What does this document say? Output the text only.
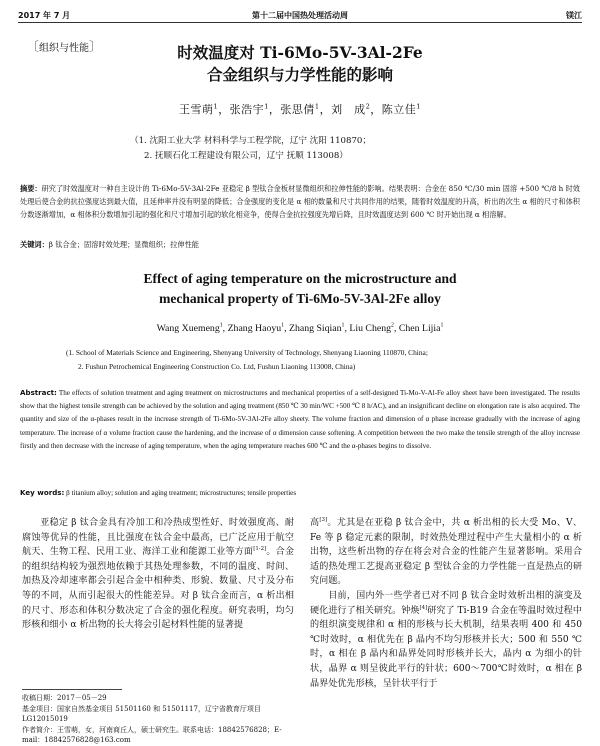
2017 年 7 月	第十二届中国热处理活动周	镁江
〔组织与性能〕	时效温度对 Ti-6Mo-5V-3Al-2Fe
合金组织与力学性能的影响
王雪萌$^1$，张浩宇$^1$，张思倩$^1$，刘　成$^2$，陈立佳$^1$
（1. 沈阳工业大学 材料科学与工程学院，辽宁 沈阳 110870；
2. 抚顺石化工程建设有限公司，辽宁 抚顺 113008）
摘要：研究了时效温度对一种自主设计的 Ti-6Mo-5V-3Al-2Fe 亚稳定 β 型钛合金板材显微组织和拉伸性能的影响。结果表明：合金在 850 ℃/30 min 固溶 +500 ℃/8 h 时效处理后使合金的抗拉强度达到最大值，且延伸率并没有明显的降低；合金强度的变化是 α 相的数量和尺寸共同作用的结果，随着时效温度的升高，析出的次生 α 相的尺寸和体积分数逐渐增加，α 相体积分数增加引起的强化和尺寸增加引起的软化相竞争，使得合金抗拉强度先增后降，且时效温度达到 600 ℃ 时开始出现 α 相溶解。
关键词：β 钛合金；固溶时效处理；显微组织；拉伸性能
Effect of aging temperature on the microstructure and
mechanical property of Ti-6Mo-5V-3Al-2Fe alloy
Wang Xuemeng$^1$, Zhang Haoyu$^1$, Zhang Siqian$^1$, Liu Cheng$^2$, Chen Lijia$^1$
(1. School of Materials Science and Engineering, Shenyang University of Technology, Shenyang Liaoning 110870, China;
2. Fushun Petrochemical Engineering Construction Co. Ltd, Fushun Liaoning 113008, China)
Abstract: The effects of solution treatment and aging treatment on microstructures and mechanical properties of a self-designed Ti-Mo-V-Al-Fe alloy sheet have been investigated. The results show that the highest tensile strength can be achieved by the solution and aging treatment (850 ℃ 30 min/WC +500 ℃ 8 h/AC), and an insignificant decline on elongation rate is also acquired. The quantity and size of the α-phases result in the increase strength of Ti-6Mo-5V-3Al-2Fe alloy sheety. The volume fraction and dimension of α phase increase gradually with the increase of aging temperature. The increase of α volume fraction cause the hardening, and the increase of α dimension cause softening. A competition between the two make the tensile strength of the alloy increase firstly and then decrease with the increase of aging temperature, when the aging temperature reaches 600 ℃ and the α-phases begins to dissolve.
Key words: β titanium alloy; solution and aging treatment; microstructures; tensile properties

亚稳定 β 钛合金具有冷加工和冷热成型性好、时效强度高、耐腐蚀等优异的性能，且比强度在钛合金中最高，已广泛应用于航空航天、生物工程、民用工业、海洋工业和能源工业等方面[1-2]。合金的组织结构较为强烈地依赖于其热处理参数，不同的温度、时间、加热及冷却速率都会引起合金中相种类、形貌、数量、尺寸及分布等的不同，从而引起很大的性能差异。对 β 钛合金而言，α 析出相的尺寸、形态和体积分数决定了合金的强化程度。研究表明，均匀形核和细小 α 析出物的长大将会引起材料性能的显著提

高[3]。尤其是在亚稳 β 钛合金中，共 α 析出相的长大受 Mo、V、Fe 等 β 稳定元素的限制，时效热处理过程中产生大量相小的 α 析出物，这些析出物的存在将会对合金的性能产生显著影响。采用合适的热处理工艺提高亚稳定 β 型钛合金的力学性能一直是热点的研究问题。

目前，国内外一些学者已对不同 β 钛合金时效析出相的演变及硬化进行了相关研究。钟焕[4]研究了 Ti-B19 合金在等温时效过程中的组织演变规律和 α 相的形核与长大机制，结果表明 400 和 450 ℃时效时，α 相优先在 β 晶内不均匀形核并长大；500 和 550 ℃时，α 相在 β 晶内和晶界处同时形核并长大，晶内 α 为细小的针状，晶界 α 则呈彼此平行的针状；600～700℃时效时，α 相在 β 晶界处优先形核，呈针状平行于

收稿日期：2017－05－29
基金项目：国家自然基金项目 51501160 和 51501117，辽宁省教育厅项目 LG12015019
作者简介：王雪萌，女，河南商丘人，硕士研究生。联系电话：18842576828；E-mail：18842576828@163.com
